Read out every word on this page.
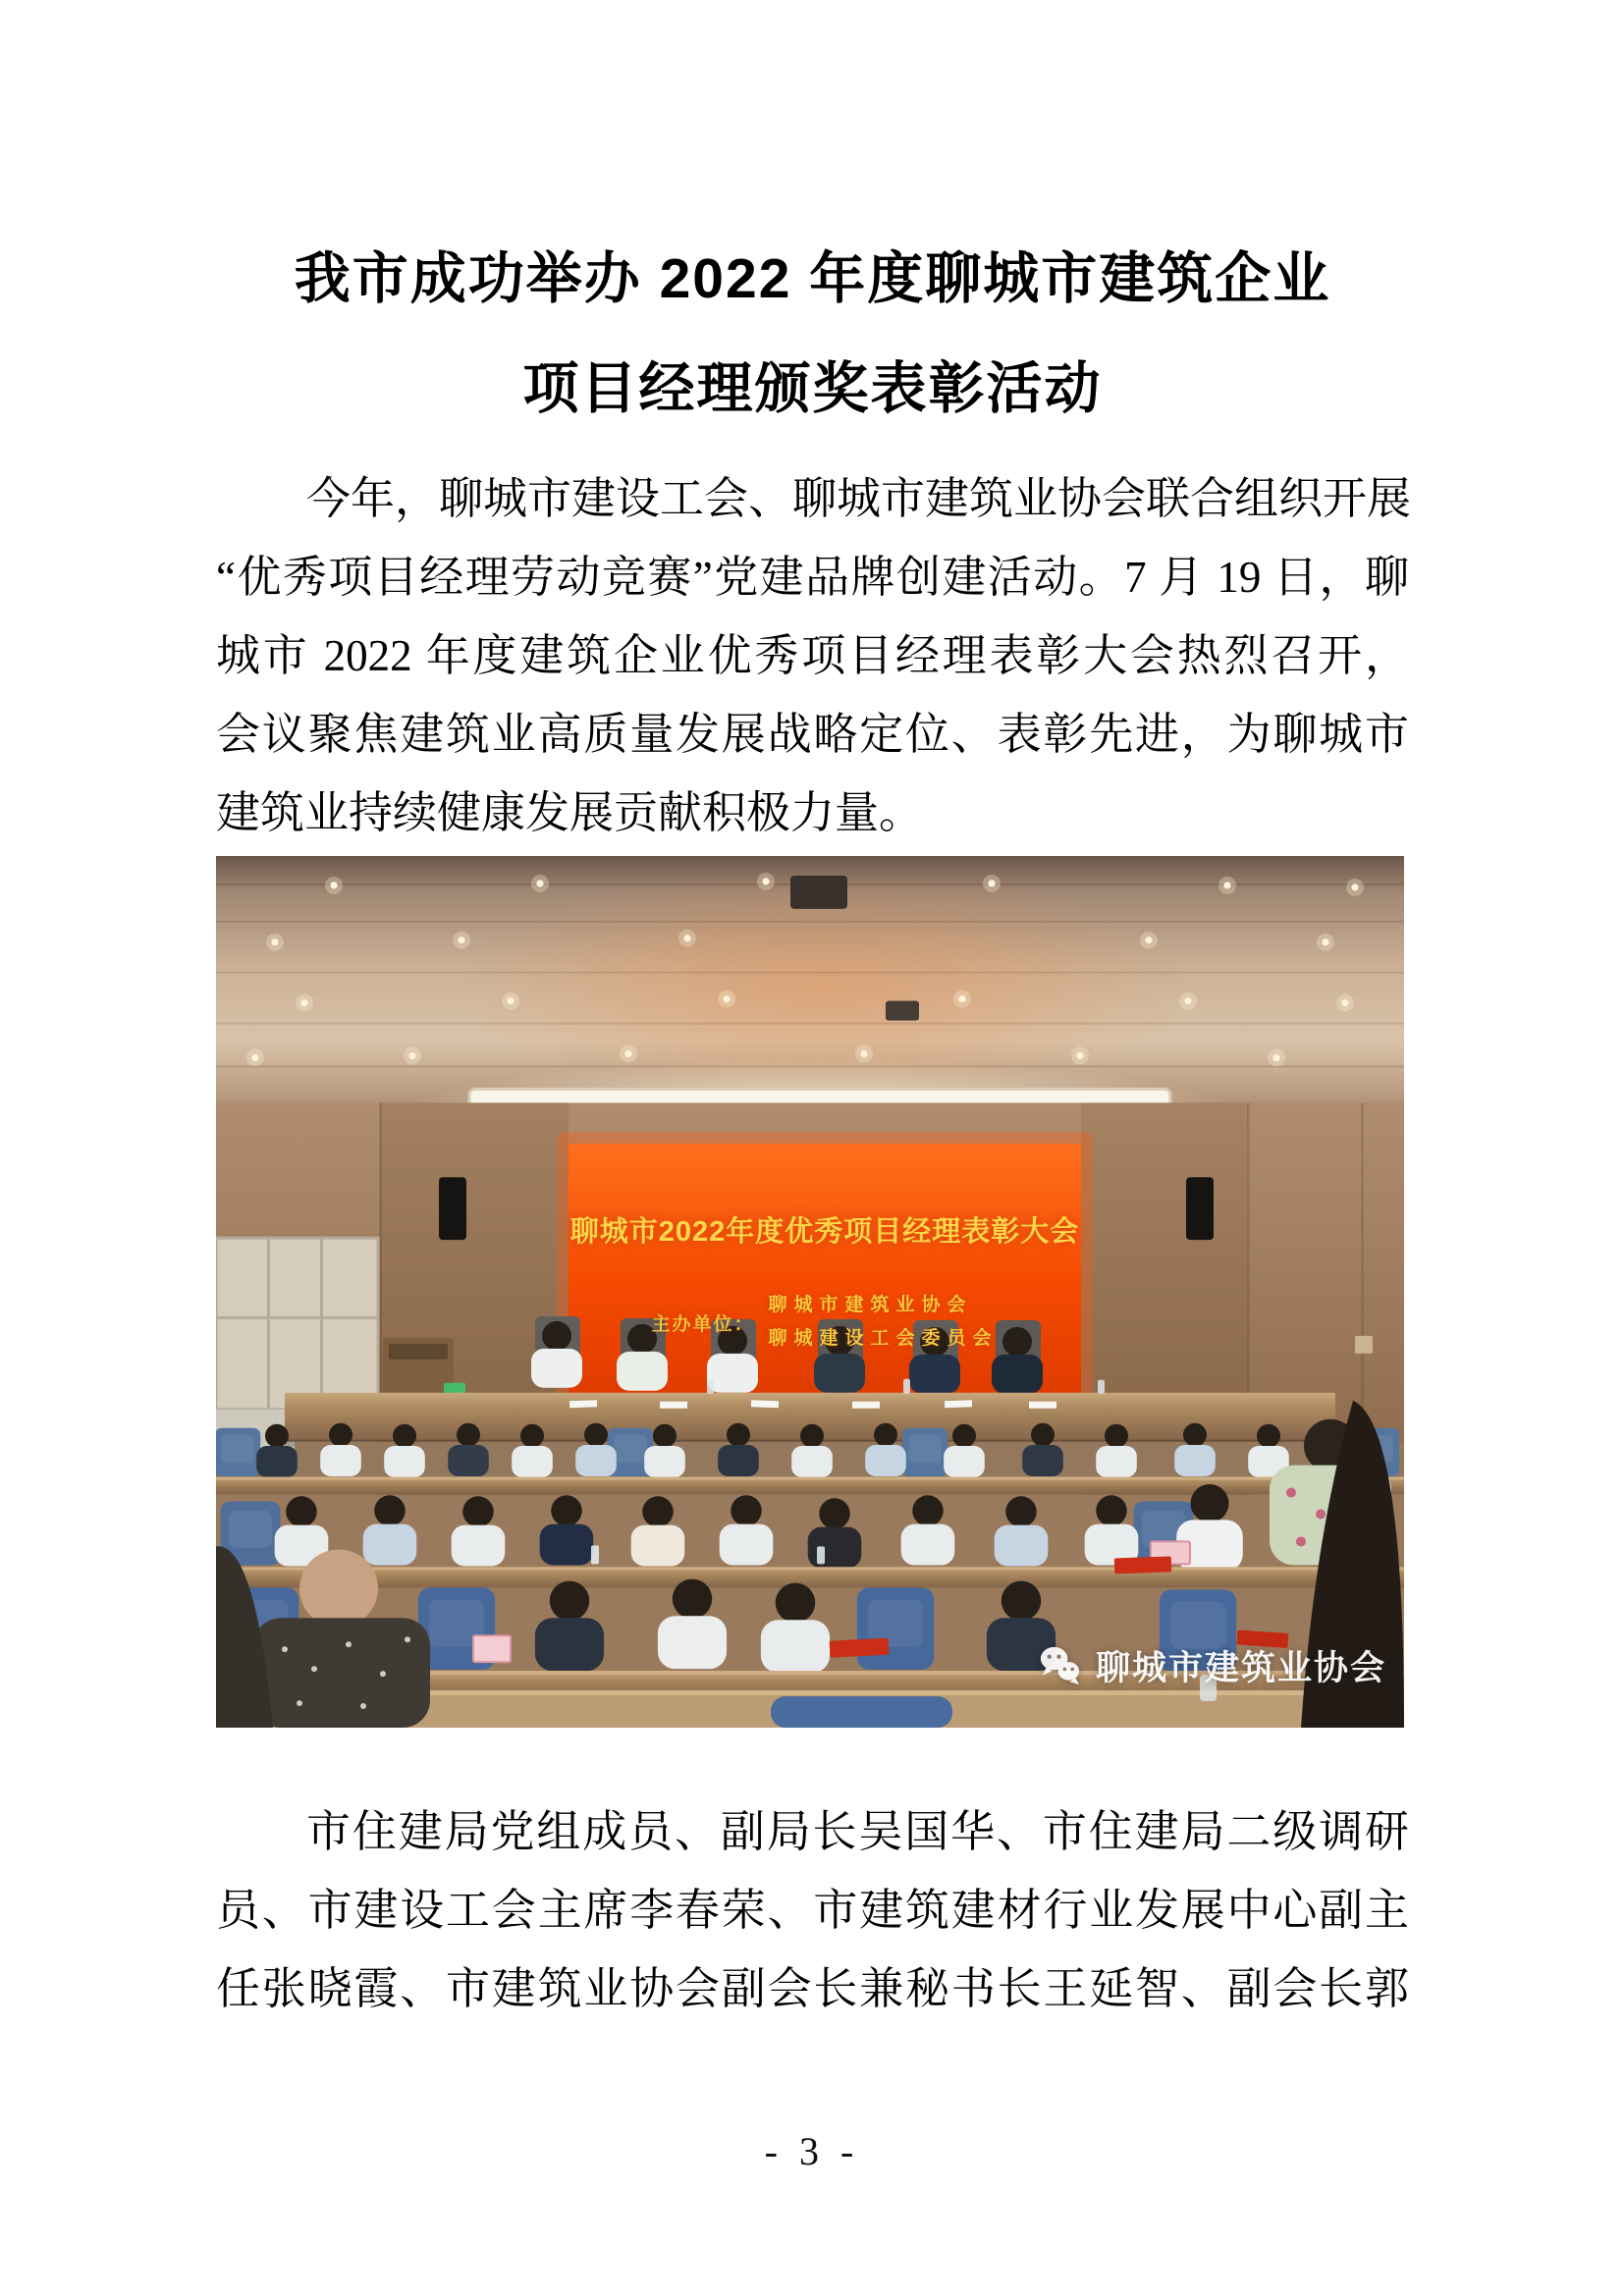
我市成功举办 2022 年度聊城市建筑企业
项目经理颁奖表彰活动
今年，聊城市建设工会、聊城市建筑业协会联合组织开展
“优秀项目经理劳动竞赛”党建品牌创建活动。7 月 19 日，聊
城市 2022 年度建筑企业优秀项目经理表彰大会热烈召开，
会议聚焦建筑业高质量发展战略定位、表彰先进，为聊城市
建筑业持续健康发展贡献积极力量。
聊城市2022年度优秀项目经理表彰大会
主办单位：
聊城市建筑业协会
聊城建设工会委员会
聊城市建筑业协会
市住建局党组成员、副局长吴国华、市住建局二级调研
员、市建设工会主席李春荣、市建筑建材行业发展中心副主
任张晓霞、市建筑业协会副会长兼秘书长王延智、副会长郭
- 3 -
